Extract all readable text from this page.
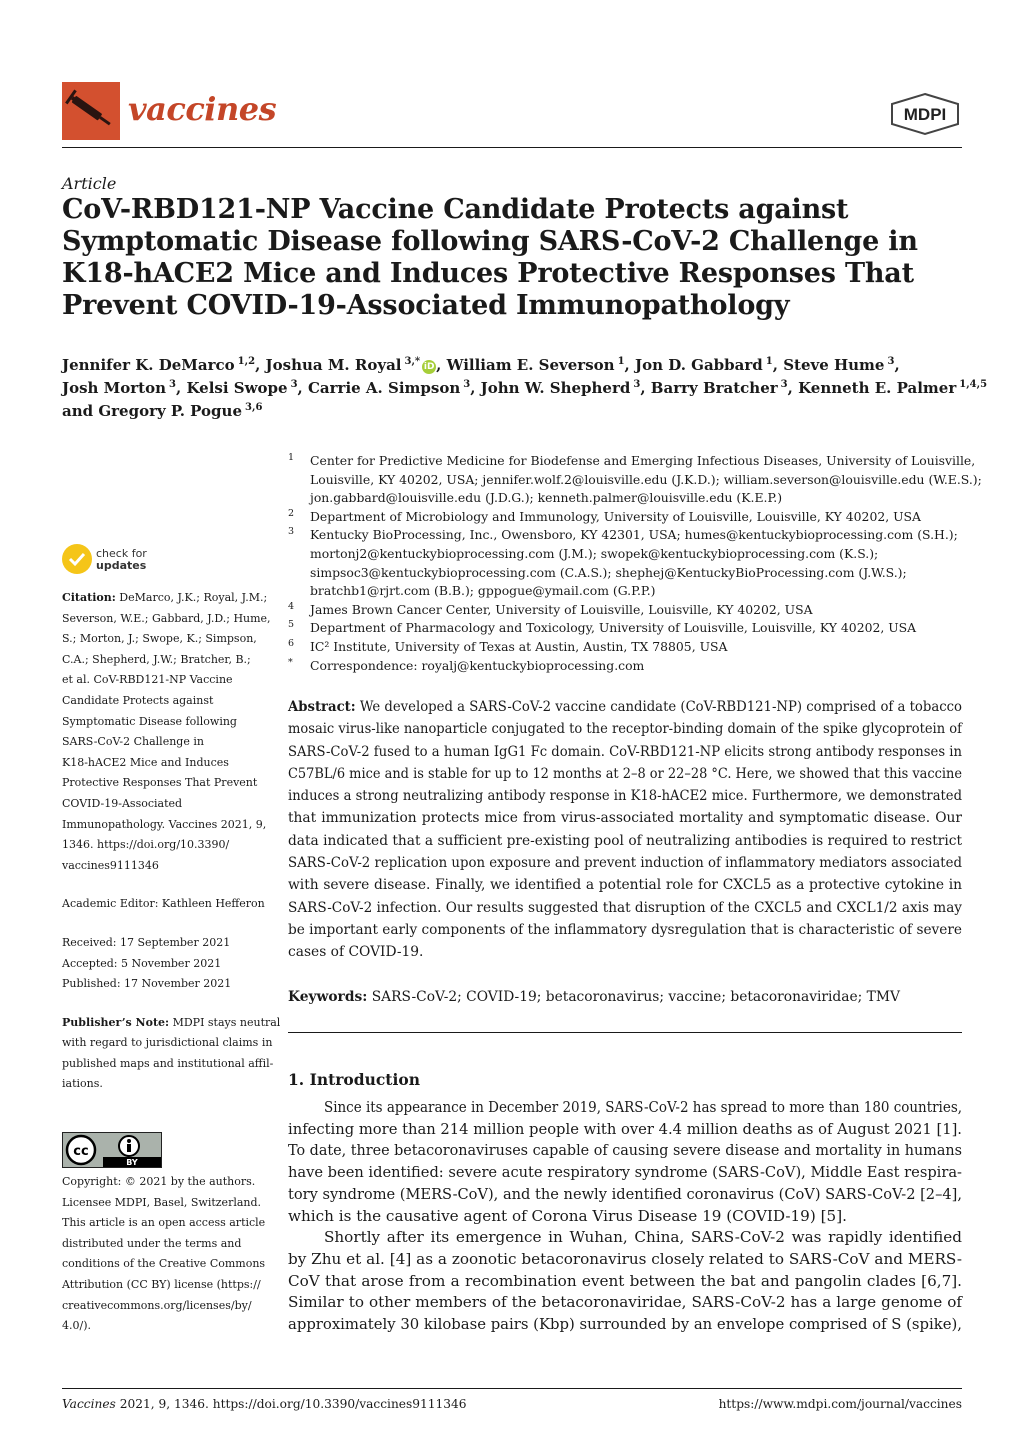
vaccines	MDPI
Article
CoV-RBD121-NP Vaccine Candidate Protects against
Symptomatic Disease following SARS-CoV-2 Challenge in
K18-hACE2 Mice and Induces Protective Responses That
Prevent COVID-19-Associated Immunopathology
Jennifer K. DeMarco $^{1,2}$, Joshua M. Royal $^{3,*}$ iD , William E. Severson $^1$, Jon D. Gabbard $^1$, Steve Hume $^3$,
Josh Morton $^3$, Kelsi Swope $^3$, Carrie A. Simpson $^3$, John W. Shepherd $^3$, Barry Bratcher $^3$, Kenneth E. Palmer $^{1,4,5}$
and Gregory P. Pogue $^{3,6}$
1	Center for Predictive Medicine for Biodefense and Emerging Infectious Diseases, University of Louisville,
Louisville, KY 40202, USA; jennifer.wolf.2@louisville.edu (J.K.D.); william.severson@louisville.edu (W.E.S.);
jon.gabbard@louisville.edu (J.D.G.); kenneth.palmer@louisville.edu (K.E.P.)
2	Department of Microbiology and Immunology, University of Louisville, Louisville, KY 40202, USA
3	Kentucky BioProcessing, Inc., Owensboro, KY 42301, USA; humes@kentuckybioprocessing.com (S.H.);
mortonj2@kentuckybioprocessing.com (J.M.); swopek@kentuckybioprocessing.com (K.S.);
simpsoc3@kentuckybioprocessing.com (C.A.S.); shephej@KentuckyBioProcessing.com (J.W.S.);
bratchb1@rjrt.com (B.B.); gppogue@ymail.com (G.P.P.)
4	James Brown Cancer Center, University of Louisville, Louisville, KY 40202, USA
5	Department of Pharmacology and Toxicology, University of Louisville, Louisville, KY 40202, USA
6	IC² Institute, University of Texas at Austin, Austin, TX 78805, USA
*	Correspondence: royalj@kentuckybioprocessing.com
check for
updates
Citation: DeMarco, J.K.; Royal, J.M.;
Severson, W.E.; Gabbard, J.D.; Hume,
S.; Morton, J.; Swope, K.; Simpson,
C.A.; Shepherd, J.W.; Bratcher, B.;
et al. CoV-RBD121-NP Vaccine
Candidate Protects against
Symptomatic Disease following
SARS-CoV-2 Challenge in
K18-hACE2 Mice and Induces
Protective Responses That Prevent
COVID-19-Associated
Immunopathology. Vaccines 2021, 9,
1346. https://doi.org/10.3390/
vaccines9111346
Academic Editor: Kathleen Hefferon
Received: 17 September 2021
Accepted: 5 November 2021
Published: 17 November 2021
Publisher’s Note: MDPI stays neutral
with regard to jurisdictional claims in
published maps and institutional affil-
iations.
cc
BY
Copyright: © 2021 by the authors.
Licensee MDPI, Basel, Switzerland.
This article is an open access article
distributed under the terms and
conditions of the Creative Commons
Attribution (CC BY) license (https://
creativecommons.org/licenses/by/
4.0/).
Abstract: We developed a SARS-CoV-2 vaccine candidate (CoV-RBD121-NP) comprised of a tobacco
mosaic virus-like nanoparticle conjugated to the receptor-binding domain of the spike glycoprotein of
SARS-CoV-2 fused to a human IgG1 Fc domain. CoV-RBD121-NP elicits strong antibody responses in
C57BL/6 mice and is stable for up to 12 months at 2–8 or 22–28 °C. Here, we showed that this vaccine
induces a strong neutralizing antibody response in K18-hACE2 mice. Furthermore, we demonstrated
that immunization protects mice from virus-associated mortality and symptomatic disease. Our
data indicated that a sufficient pre-existing pool of neutralizing antibodies is required to restrict
SARS-CoV-2 replication upon exposure and prevent induction of inflammatory mediators associated
with severe disease. Finally, we identified a potential role for CXCL5 as a protective cytokine in
SARS-CoV-2 infection. Our results suggested that disruption of the CXCL5 and CXCL1/2 axis may
be important early components of the inflammatory dysregulation that is characteristic of severe
cases of COVID-19.
Keywords: SARS-CoV-2; COVID-19; betacoronavirus; vaccine; betacoronaviridae; TMV
1. Introduction
Since its appearance in December 2019, SARS-CoV-2 has spread to more than 180 countries,
infecting more than 214 million people with over 4.4 million deaths as of August 2021 [1].
To date, three betacoronaviruses capable of causing severe disease and mortality in humans
have been identified: severe acute respiratory syndrome (SARS-CoV), Middle East respira-
tory syndrome (MERS-CoV), and the newly identified coronavirus (CoV) SARS-CoV-2 [2–4],
which is the causative agent of Corona Virus Disease 19 (COVID-19) [5].
Shortly after its emergence in Wuhan, China, SARS-CoV-2 was rapidly identified
by Zhu et al. [4] as a zoonotic betacoronavirus closely related to SARS-CoV and MERS-
CoV that arose from a recombination event between the bat and pangolin clades [6,7].
Similar to other members of the betacoronaviridae, SARS-CoV-2 has a large genome of
approximately 30 kilobase pairs (Kbp) surrounded by an envelope comprised of S (spike),
Vaccines 2021, 9, 1346. https://doi.org/10.3390/vaccines9111346	https://www.mdpi.com/journal/vaccines
